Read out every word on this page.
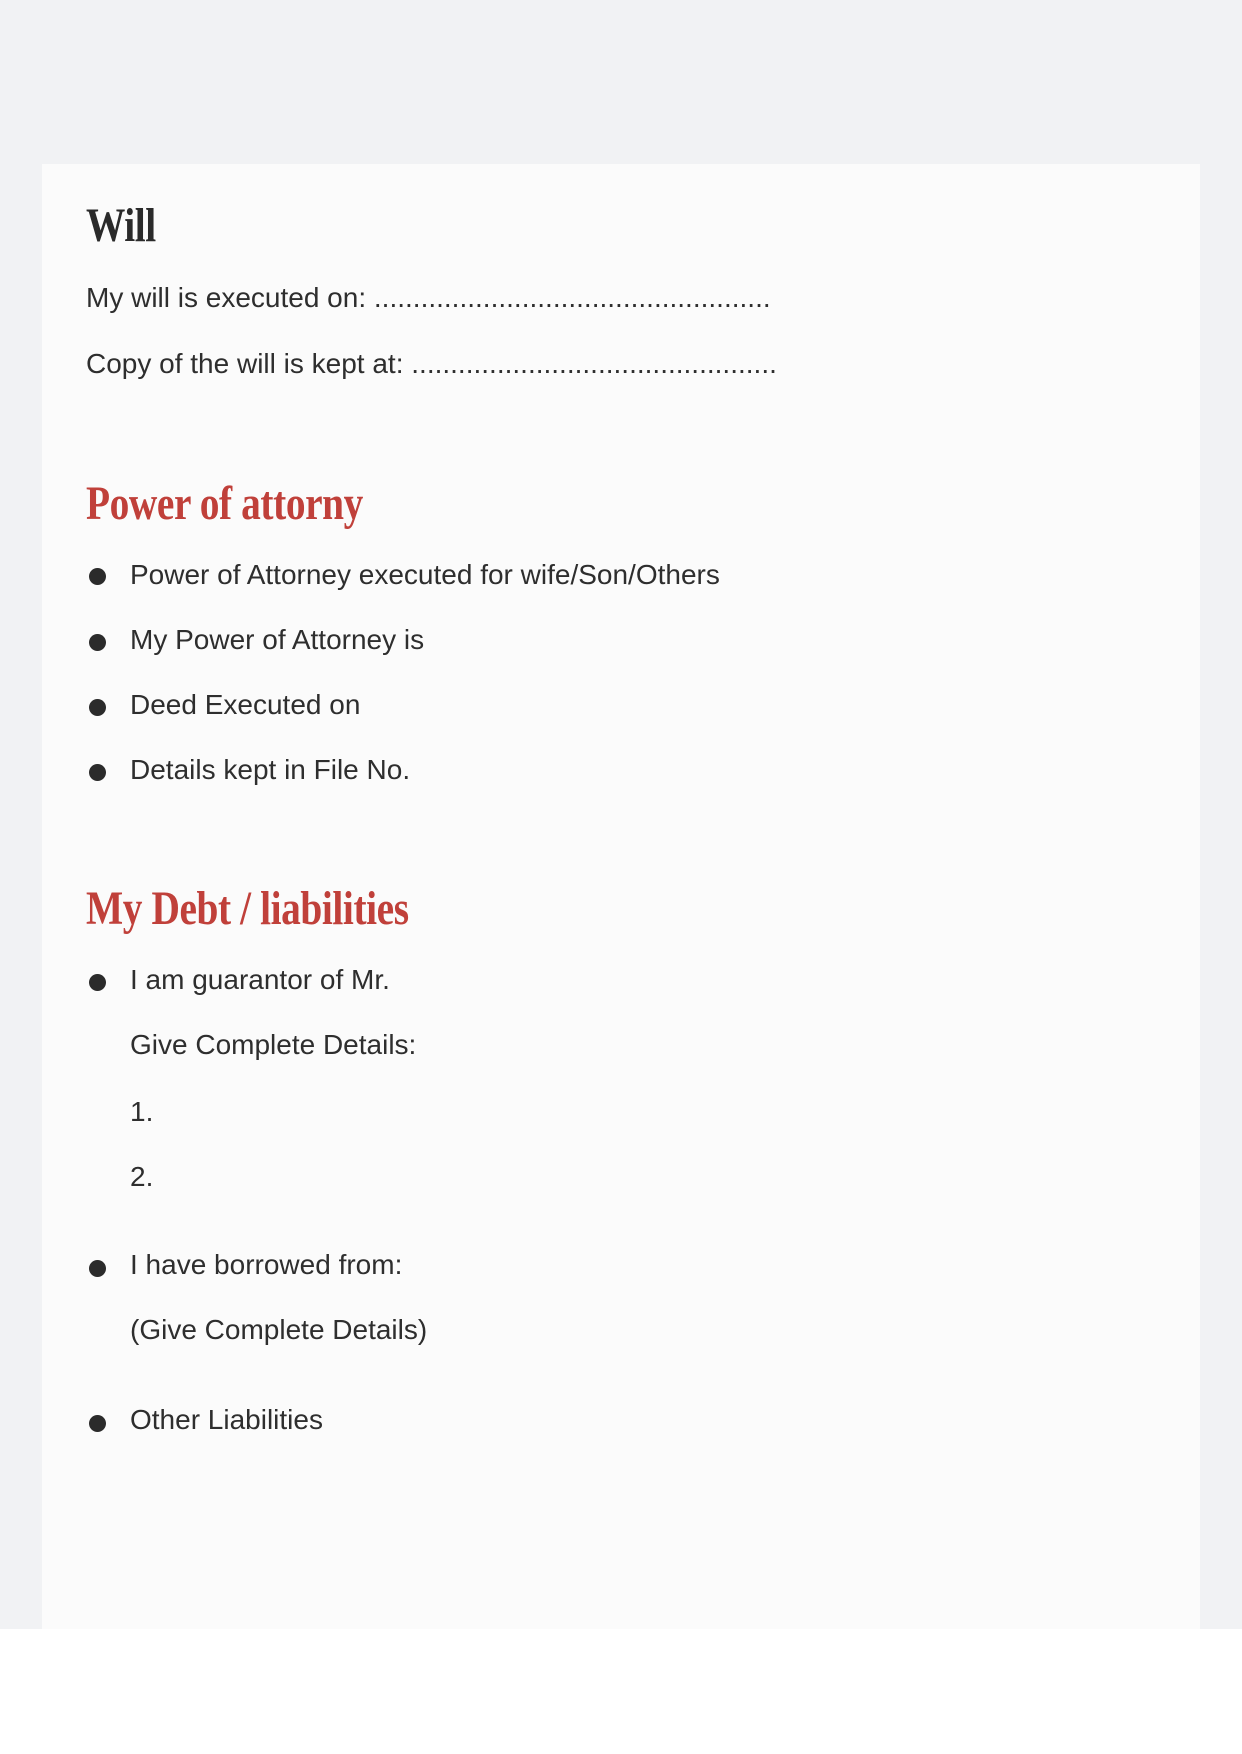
Will
My will is executed on: ...................................................
Copy of the will is kept at: ...............................................
Power of attorny
Power of Attorney executed for wife/Son/Others
My Power of Attorney is
Deed Executed on
Details kept in File No.
My Debt / liabilities
I am guarantor of Mr.
Give Complete Details:
1.
2.
I have borrowed from:
(Give Complete Details)
Other Liabilities
